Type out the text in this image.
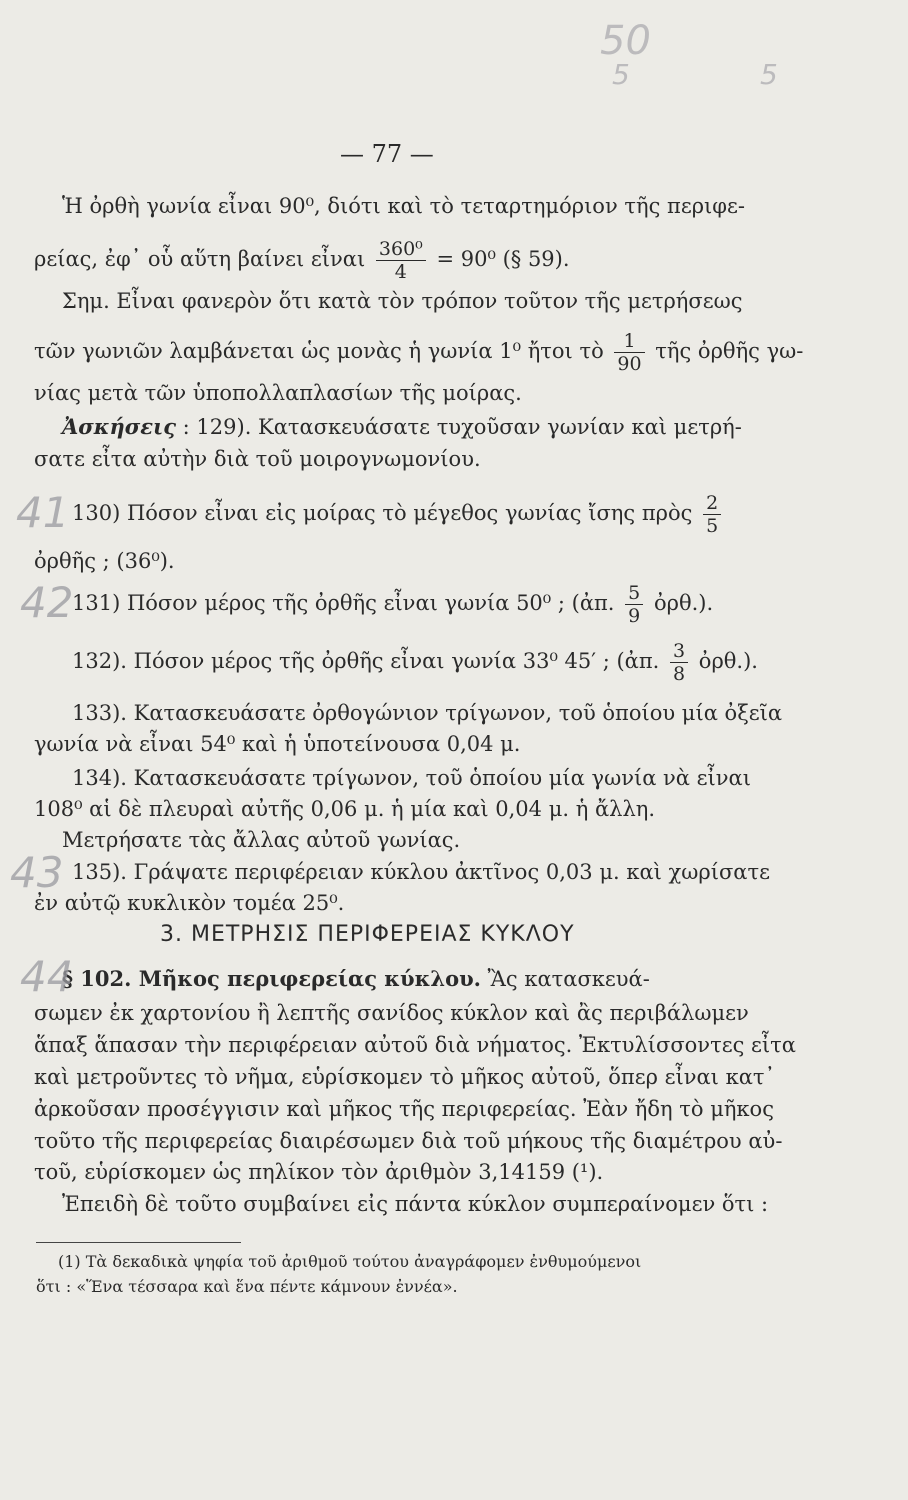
50
5	5
— 77 —
Ἡ ὀρθὴ γωνία εἶναι 90⁰, διότι καὶ τὸ τεταρτημόριον τῆς περιφε-
ρείας, ἐφ᾽ οὗ αὕτη βαίνει εἶναι $\frac{\text{360⁰}}{4} = 90^0$ (§ 59).
Σημ. Εἶναι φανερὸν ὅτι κατὰ τὸν τρόπον τοῦτον τῆς μετρήσεως
τῶν γωνιῶν λαμβάνεται ὡς μονὰς ἡ γωνία 1⁰ ἤτοι τὸ $\frac{1}{90}$ τῆς ὀρθῆς γω-
νίας μετὰ τῶν ὑποπολλαπλασίων τῆς μοίρας.
Ἀσκήσεις : 129). Κατασκευάσατε τυχοῦσαν γωνίαν καὶ μετρή-
σατε εἶτα αὐτὴν διὰ τοῦ μοιρογνωμονίου.
130) Πόσον εἶναι εἰς μοίρας τὸ μέγεθος γωνίας ἴσης πρὸς $\frac{2}{5}$
ὀρθῆς ; (36⁰).
131) Πόσον μέρος τῆς ὀρθῆς εἶναι γωνία 50⁰ ; (ἀπ. $\frac{5}{9}$ ὀρθ.).
132). Πόσον μέρος τῆς ὀρθῆς εἶναι γωνία 33⁰ 45′ ; (ἀπ. $\frac{3}{8}$ ὀρθ.).
133). Κατασκευάσατε ὀρθογώνιον τρίγωνον, τοῦ ὁποίου μία ὀξεῖα
γωνία νὰ εἶναι 54⁰ καὶ ἡ ὑποτείνουσα 0,04 μ.
134). Κατασκευάσατε τρίγωνον, τοῦ ὁποίου μία γωνία νὰ εἶναι
108⁰ αἱ δὲ πλευραὶ αὐτῆς 0,06 μ. ἡ μία καὶ 0,04 μ. ἡ ἄλλη.
Μετρήσατε τὰς ἄλλας αὐτοῦ γωνίας.
135). Γράψατε περιφέρειαν κύκλου ἀκτῖνος 0,03 μ. καὶ χωρίσατε
ἐν αὐτῷ κυκλικὸν τομέα 25⁰.
3. ΜΕΤΡΗΣΙΣ ΠΕΡΙΦΕΡΕΙΑΣ ΚΥΚΛΟΥ
§ 102. Μῆκος περιφερείας κύκλου. Ἂς κατασκευά-
σωμεν ἐκ χαρτονίου ἢ λεπτῆς σανίδος κύκλον καὶ ἂς περιβάλωμεν
ἅπαξ ἅπασαν τὴν περιφέρειαν αὐτοῦ διὰ νήματος. Ἐκτυλίσσοντες εἶτα
καὶ μετροῦντες τὸ νῆμα, εὑρίσκομεν τὸ μῆκος αὐτοῦ, ὅπερ εἶναι κατ᾽
ἀρκοῦσαν προσέγγισιν καὶ μῆκος τῆς περιφερείας. Ἐὰν ἤδη τὸ μῆκος
τοῦτο τῆς περιφερείας διαιρέσωμεν διὰ τοῦ μήκους τῆς διαμέτρου αὐ-
τοῦ, εὑρίσκομεν ὡς πηλίκον τὸν ἀριθμὸν 3,14159 (¹).
Ἐπειδὴ δὲ τοῦτο συμβαίνει εἰς πάντα κύκλον συμπεραίνομεν ὅτι :
(1) Τὰ δεκαδικὰ ψηφία τοῦ ἀριθμοῦ τούτου ἀναγράφομεν ἐνθυμούμενοι
ὅτι : «Ἕνα τέσσαρα καὶ ἕνα πέντε κάμνουν ἐννέα».
41
42
43
44
